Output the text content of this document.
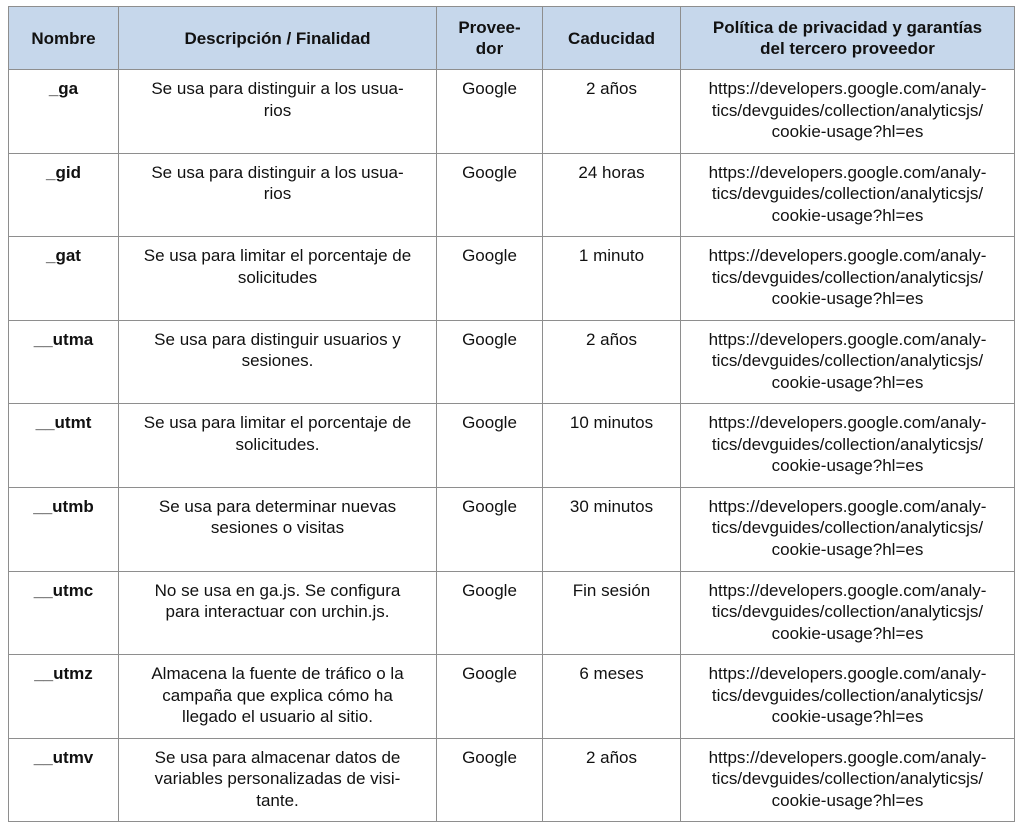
Nombre	Descripción / Finalidad	Provee-
dor	Caducidad	Política de privacidad y garantías
del tercero proveedor
_ga	Se usa para distinguir a los usua-
rios	Google	2 años	https://developers.google.com/analy-
tics/devguides/collection/analyticsjs/
cookie-usage?hl=es
_gid	Se usa para distinguir a los usua-
rios	Google	24 horas	https://developers.google.com/analy-
tics/devguides/collection/analyticsjs/
cookie-usage?hl=es
_gat	Se usa para limitar el porcentaje de
solicitudes	Google	1 minuto	https://developers.google.com/analy-
tics/devguides/collection/analyticsjs/
cookie-usage?hl=es
__utma	Se usa para distinguir usuarios y
sesiones.	Google	2 años	https://developers.google.com/analy-
tics/devguides/collection/analyticsjs/
cookie-usage?hl=es
__utmt	Se usa para limitar el porcentaje de
solicitudes.	Google	10 minutos	https://developers.google.com/analy-
tics/devguides/collection/analyticsjs/
cookie-usage?hl=es
__utmb	Se usa para determinar nuevas
sesiones o visitas	Google	30 minutos	https://developers.google.com/analy-
tics/devguides/collection/analyticsjs/
cookie-usage?hl=es
__utmc	No se usa en ga.js. Se configura
para interactuar con urchin.js.	Google	Fin sesión	https://developers.google.com/analy-
tics/devguides/collection/analyticsjs/
cookie-usage?hl=es
__utmz	Almacena la fuente de tráfico o la
campaña que explica cómo ha
llegado el usuario al sitio.	Google	6 meses	https://developers.google.com/analy-
tics/devguides/collection/analyticsjs/
cookie-usage?hl=es
__utmv	Se usa para almacenar datos de
variables personalizadas de visi-
tante.	Google	2 años	https://developers.google.com/analy-
tics/devguides/collection/analyticsjs/
cookie-usage?hl=es
